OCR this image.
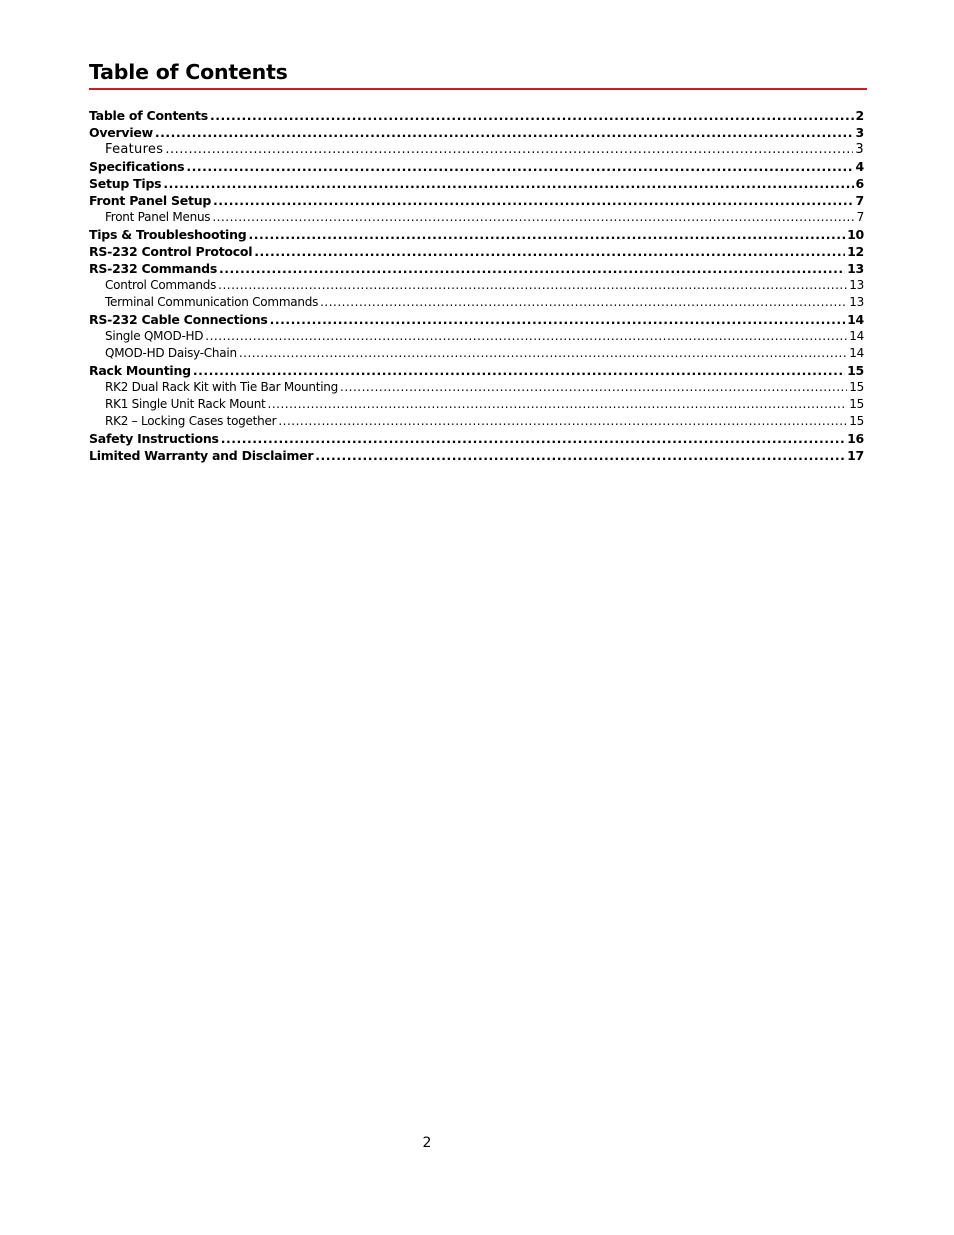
Table of Contents
Table of Contents .....	2
Overview .....	3
Features .....	3
Specifications .....	4
Setup Tips .....	6
Front Panel Setup .....	7
Front Panel Menus .....	7
Tips & Troubleshooting .....	10
RS-232 Control Protocol .....	12
RS-232 Commands .....	13
Control Commands .....	13
Terminal Communication Commands .....	13
RS-232 Cable Connections .....	14
Single QMOD-HD .....	14
QMOD-HD Daisy-Chain .....	14
Rack Mounting .....	15
RK2 Dual Rack Kit with Tie Bar Mounting .....	15
RK1 Single Unit Rack Mount .....	15
RK2 – Locking Cases together .....	15
Safety Instructions .....	16
Limited Warranty and Disclaimer .....	17
2
